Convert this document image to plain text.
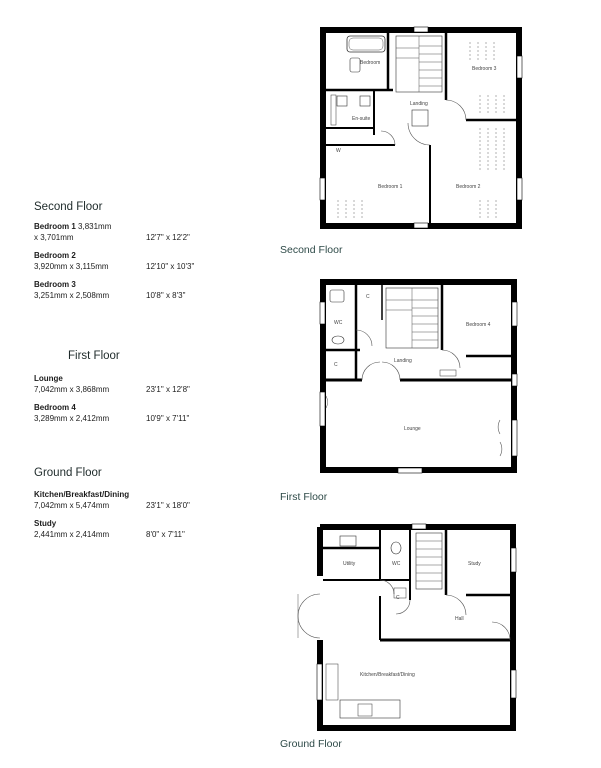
Second Floor
Bedroom 1 3,831mm
x 3,701mm	12'7" x 12'2"
Bedroom 2
3,920mm x 3,115mm	12'10" x 10'3"
Bedroom 3
3,251mm x 2,508mm	10'8" x 8'3"
First Floor
Lounge
7,042mm x 3,868mm	23'1" x 12'8"
Bedroom 4
3,289mm x 2,412mm	10'9" x 7'11"
Ground Floor
Kitchen/Breakfast/Dining
7,042mm x 5,474mm	23'1" x 18'0"
Study
2,441mm x 2,414mm	8'0" x 7'11"
Bedroom
En-suite
Landing
Bedroom 3
Bedroom 1	Bedroom 2
W
WC
C
C
Landing
Bedroom 4
Lounge
Utility	WC	Study
C
Hall
Kitchen/Breakfast/Dining
Second Floor
First Floor
Ground Floor
